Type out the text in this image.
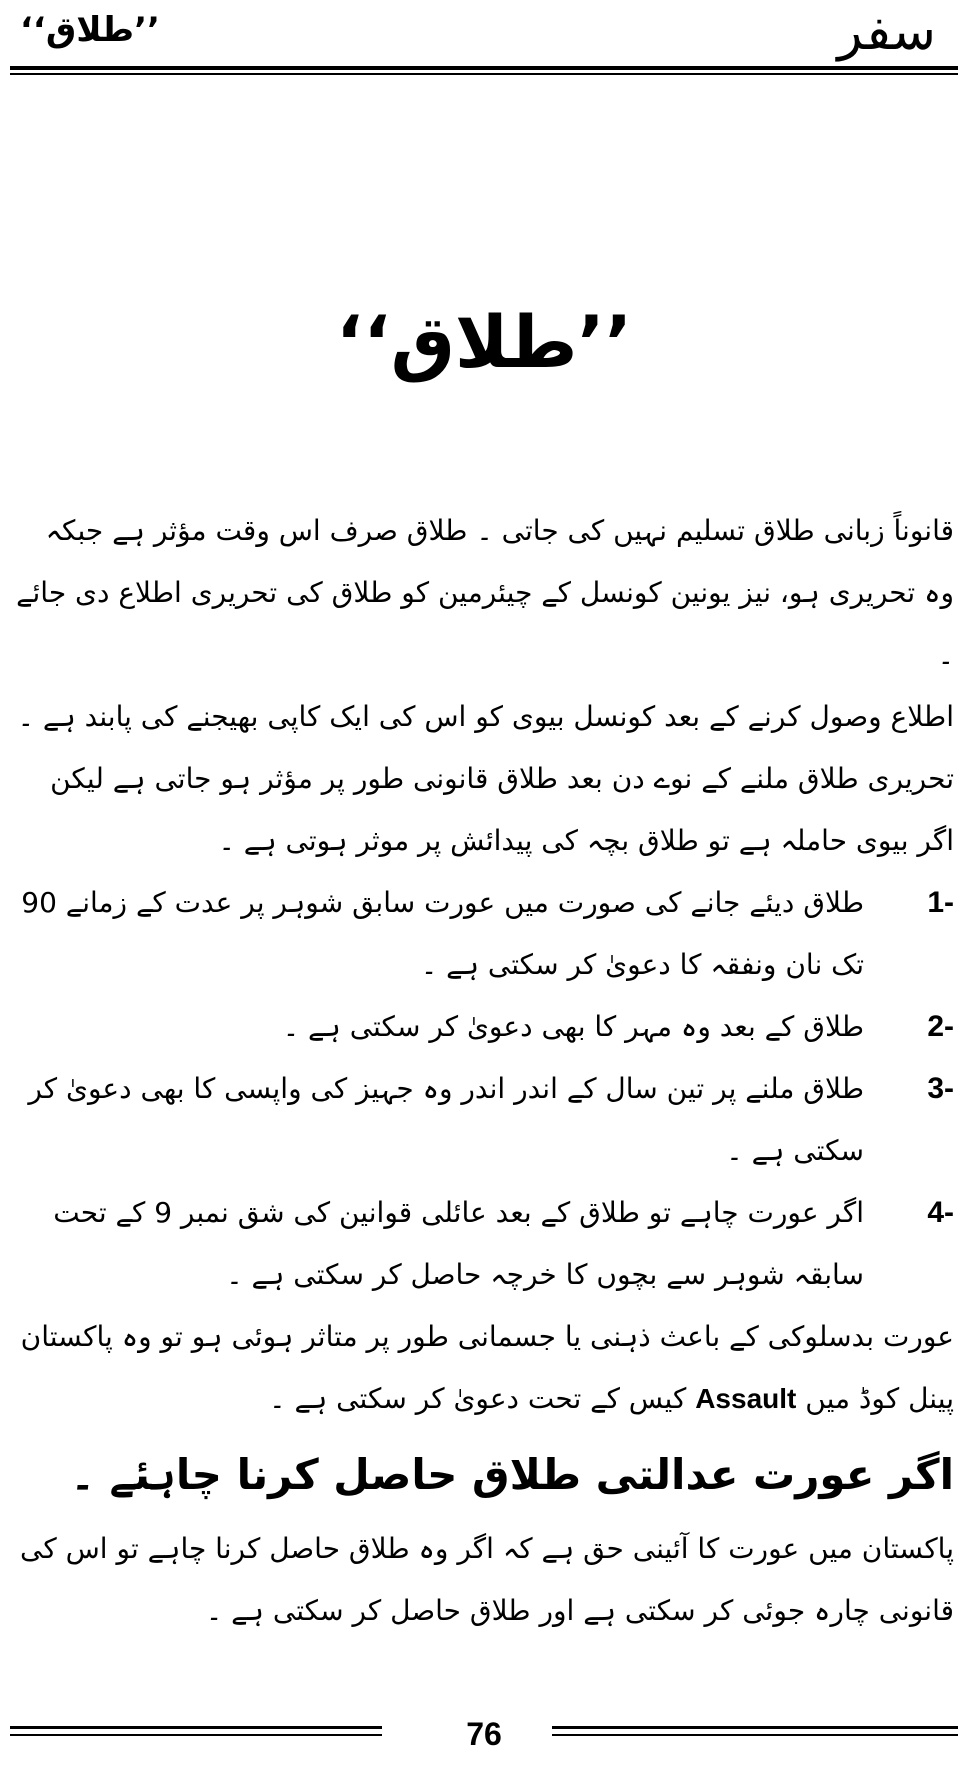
’’طلاق‘‘	سفر
’’طلاق‘‘

قانوناً زبانی طلاق تسلیم نہیں کی جاتی ۔ طلاق صرف اس وقت مؤثر ہے جبکہ وہ تحریری ہو، نیز یونین کونسل کے چیئرمین کو طلاق کی تحریری اطلاع دی جائے ۔

اطلاع وصول کرنے کے بعد کونسل بیوی کو اس کی ایک کاپی بھیجنے کی پابند ہے ۔

تحریری طلاق ملنے کے نوے دن بعد طلاق قانونی طور پر مؤثر ہو جاتی ہے لیکن اگر بیوی حاملہ ہے تو طلاق بچہ کی پیدائش پر موثر ہوتی ہے ۔

1-
طلاق دیئے جانے کی صورت میں عورت سابق شوہر پر عدت کے زمانے 90 تک نان ونفقہ کا دعویٰ کر سکتی ہے ۔
2-
طلاق کے بعد وہ مہر کا بھی دعویٰ کر سکتی ہے ۔
3-
طلاق ملنے پر تین سال کے اندر اندر وہ جہیز کی واپسی کا بھی دعویٰ کر سکتی ہے ۔
4-
اگر عورت چاہے تو طلاق کے بعد عائلی قوانین کی شق نمبر 9 کے تحت سابقہ شوہر سے بچوں کا خرچہ حاصل کر سکتی ہے ۔

عورت بدسلوکی کے باعث ذہنی یا جسمانی طور پر متاثر ہوئی ہو تو وہ پاکستان پینل کوڈ میں Assault کیس کے تحت دعویٰ کر سکتی ہے ۔

اگر عورت عدالتی طلاق حاصل کرنا چاہئے ۔

پاکستان میں عورت کا آئینی حق ہے کہ اگر وہ طلاق حاصل کرنا چاہے تو اس کی قانونی چارہ جوئی کر سکتی ہے اور طلاق حاصل کر سکتی ہے ۔

76
